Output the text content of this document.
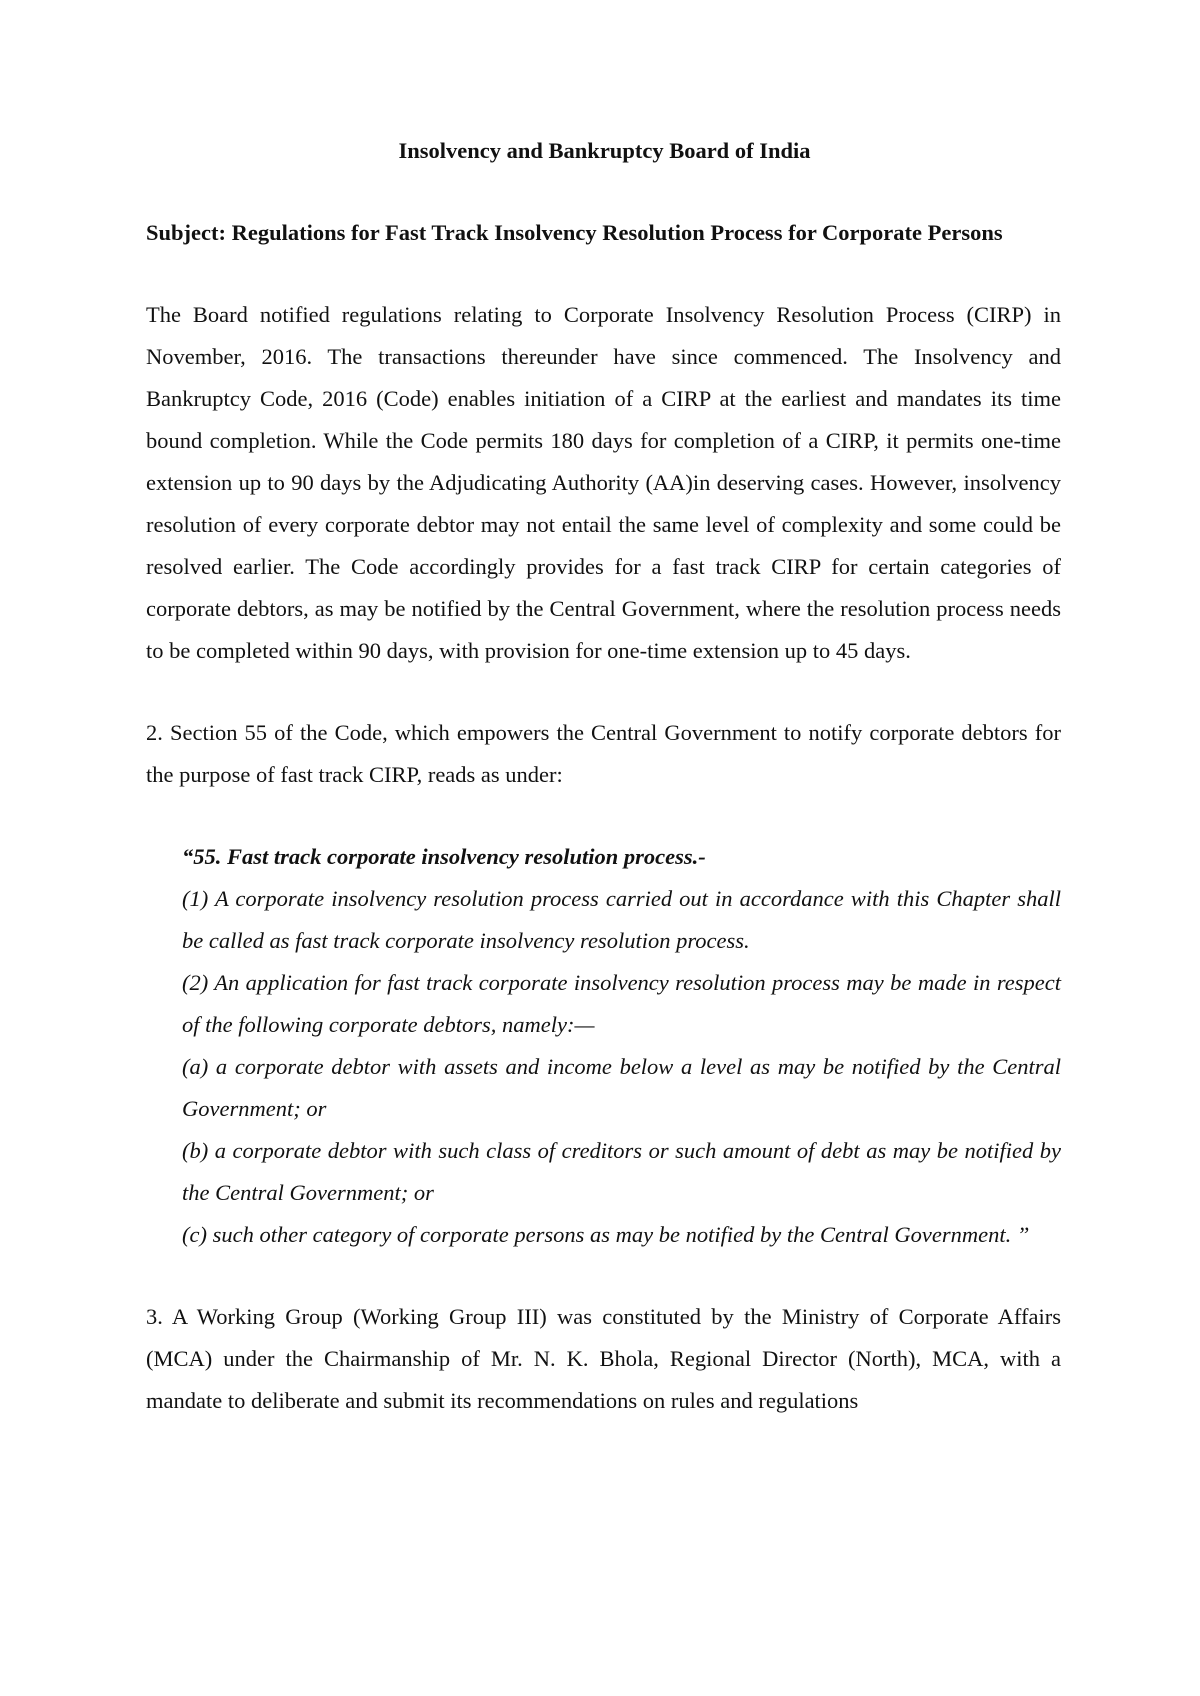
Insolvency and Bankruptcy Board of India

Subject: Regulations for Fast Track Insolvency Resolution Process for Corporate Persons

The Board notified regulations relating to Corporate Insolvency Resolution Process (CIRP) in November, 2016. The transactions thereunder have since commenced. The Insolvency and Bankruptcy Code, 2016 (Code) enables initiation of a CIRP at the earliest and mandates its time bound completion. While the Code permits 180 days for completion of a CIRP, it permits one-time extension up to 90 days by the Adjudicating Authority (AA)in deserving cases. However, insolvency resolution of every corporate debtor may not entail the same level of complexity and some could be resolved earlier. The Code accordingly provides for a fast track CIRP for certain categories of corporate debtors, as may be notified by the Central Government, where the resolution process needs to be completed within 90 days, with provision for one-time extension up to 45 days.

2. Section 55 of the Code, which empowers the Central Government to notify corporate debtors for the purpose of fast track CIRP, reads as under:

“55. Fast track corporate insolvency resolution process.-

(1) A corporate insolvency resolution process carried out in accordance with this Chapter shall be called as fast track corporate insolvency resolution process.

(2) An application for fast track corporate insolvency resolution process may be made in respect of the following corporate debtors, namely:—

(a) a corporate debtor with assets and income below a level as may be notified by the Central Government; or

(b) a corporate debtor with such class of creditors or such amount of debt as may be notified by the Central Government; or

(c) such other category of corporate persons as may be notified by the Central Government. ”

3. A Working Group (Working Group III) was constituted by the Ministry of Corporate Affairs (MCA) under the Chairmanship of Mr. N. K. Bhola, Regional Director (North), MCA, with a mandate to deliberate and submit its recommendations on rules and regulations
